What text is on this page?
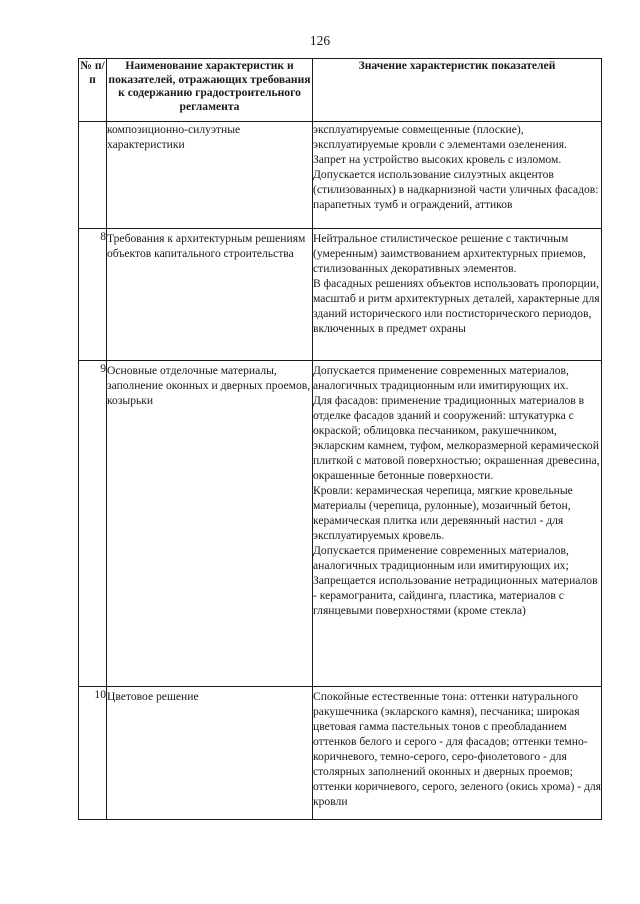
126
№ п/п	Наименование характеристик и показателей, отражающих требования к содержанию градостроительного регламента	Значение характеристик показателей
	композиционно-силуэтные характеристики	эксплуатируемые совмещенные (плоские), эксплуатируемые кровли с элементами озеленения.

Запрет на устройство высоких кровель с изломом.

Допускается использование силуэтных акцентов (стилизованных) в надкарнизной части уличных фасадов: парапетных тумб и ограждений, аттиков

8	Требования к архитектурным решениям объектов капитального строительства	Нейтральное стилистическое решение с тактичным (умеренным) заимствованием архитектурных приемов, стилизованных декоративных элементов.

В фасадных решениях объектов использовать пропорции, масштаб и ритм архитектурных деталей, характерные для зданий исторического или постисторического периодов, включенных в предмет охраны

9	Основные отделочные материалы, заполнение оконных и дверных проемов, козырьки	Допускается применение современных материалов, аналогичных традиционным или имитирующих их.

Для фасадов: применение традиционных материалов в отделке фасадов зданий и сооружений: штукатурка с окраской; облицовка песчаником, ракушечником, экларским камнем, туфом, мелкоразмерной керамической плиткой с матовой поверхностью; окрашенная древесина, окрашенные бетонные поверхности.

Кровли: керамическая черепица, мягкие кровельные материалы (черепица, рулонные), мозаичный бетон, керамическая плитка или деревянный настил - для эксплуатируемых кровель.

Допускается применение современных материалов, аналогичных традиционным или имитирующих их;

Запрещается использование нетрадиционных материалов - керамогранита, сайдинга, пластика, материалов с глянцевыми поверхностями (кроме стекла)

10	Цветовое решение	Спокойные естественные тона: оттенки натурального ракушечника (экларского камня), песчаника; широкая цветовая гамма пастельных тонов с преобладанием оттенков белого и серого - для фасадов; оттенки темно-коричневого, темно-серого, серо-фиолетового - для столярных заполнений оконных и дверных проемов; оттенки коричневого, серого, зеленого (окись хрома) - для кровли
